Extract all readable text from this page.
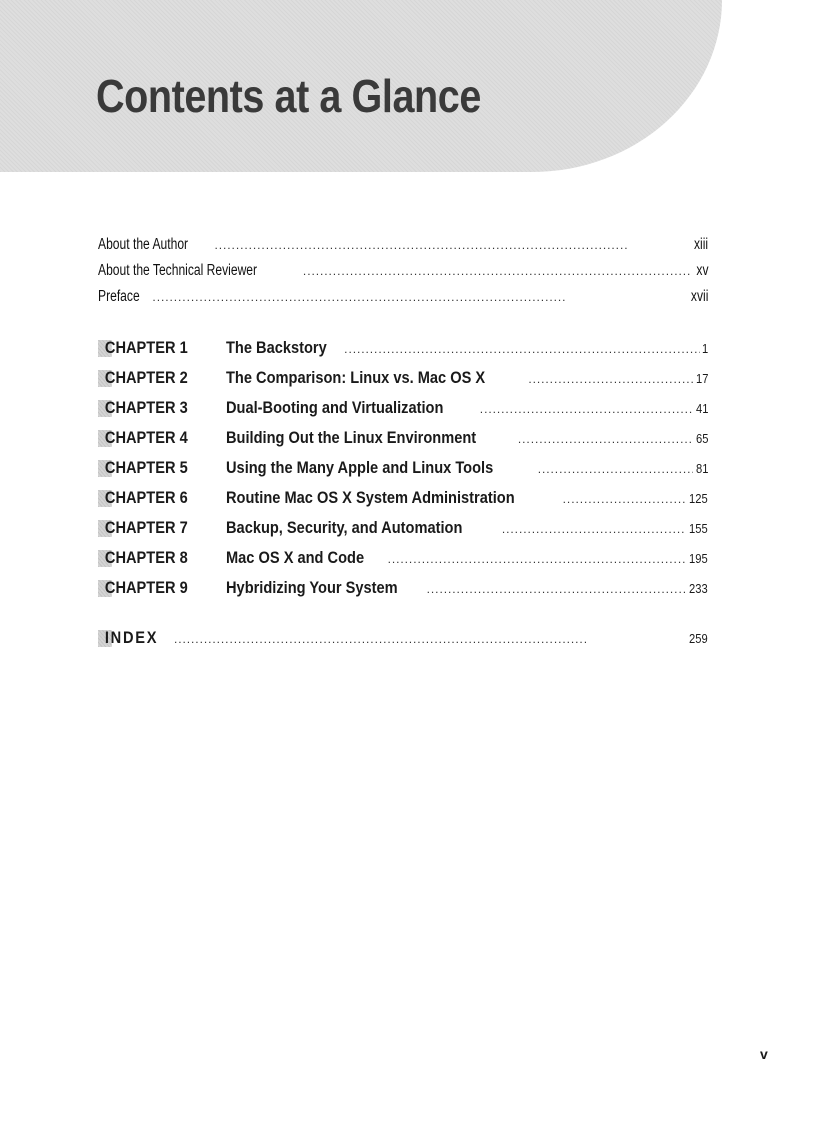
Contents at a Glance
About the Author . . .	xiii
About the Technical Reviewer . . .	xv
Preface . . .	xvii
CHAPTER 1	The Backstory . . .	1
CHAPTER 2	The Comparison: Linux vs. Mac OS X . . .	17
CHAPTER 3	Dual-Booting and Virtualization . . .	41
CHAPTER 4	Building Out the Linux Environment . . .	65
CHAPTER 5	Using the Many Apple and Linux Tools . . .	81
CHAPTER 6	Routine Mac OS X System Administration . . .	125
CHAPTER 7	Backup, Security, and Automation . . .	155
CHAPTER 8	Mac OS X and Code . . .	195
CHAPTER 9	Hybridizing Your System . . .	233
INDEX . . .	259
v
